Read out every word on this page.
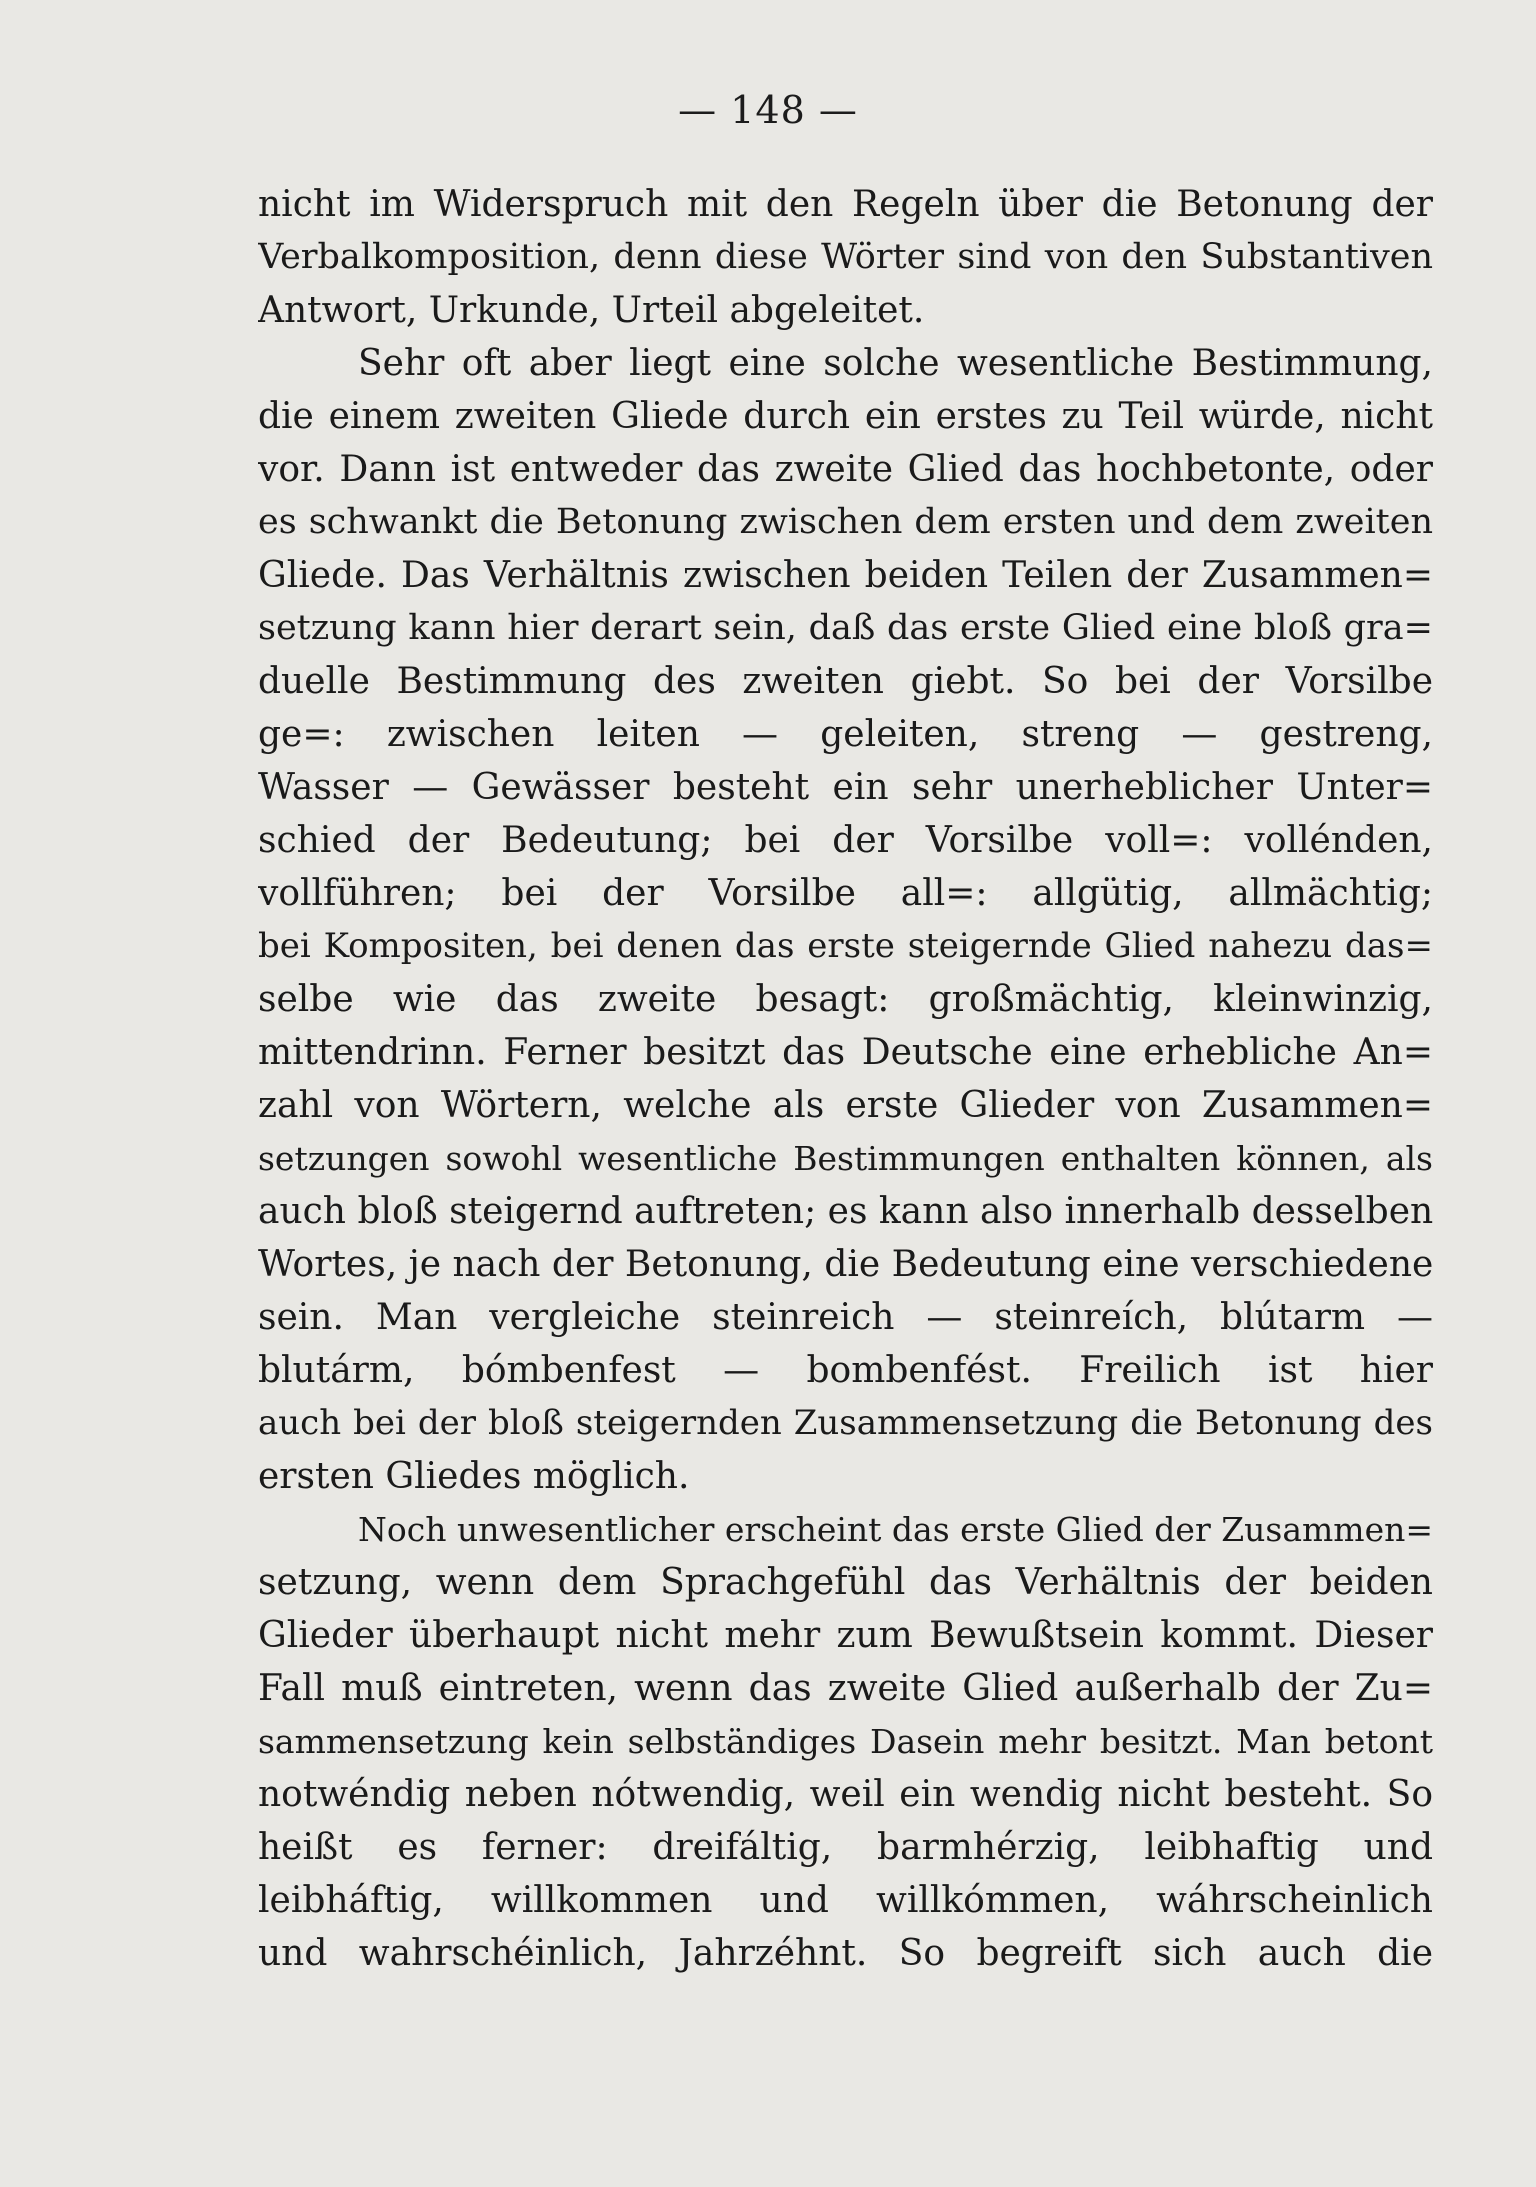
— 148 —
nicht im Widerspruch mit den Regeln über die Betonung der
Verbalkomposition, denn diese Wörter sind von den Substantiven
Antwort, Urkunde, Urteil abgeleitet.
Sehr oft aber liegt eine solche wesentliche Bestimmung,
die einem zweiten Gliede durch ein erstes zu Teil würde, nicht
vor. Dann ist entweder das zweite Glied das hochbetonte, oder
es schwankt die Betonung zwischen dem ersten und dem zweiten
Gliede. Das Verhältnis zwischen beiden Teilen der Zusammen=
setzung kann hier derart sein, daß das erste Glied eine bloß gra=
duelle Bestimmung des zweiten giebt. So bei der Vorsilbe
ge=: zwischen leiten — geleiten, streng — gestreng,
Wasser — Gewässer besteht ein sehr unerheblicher Unter=
schied der Bedeutung; bei der Vorsilbe voll=: vollénden,
vollführen; bei der Vorsilbe all=: allgütig, allmächtig;
bei Kompositen, bei denen das erste steigernde Glied nahezu das=
selbe wie das zweite besagt: großmächtig, kleinwinzig,
mittendrinn. Ferner besitzt das Deutsche eine erhebliche An=
zahl von Wörtern, welche als erste Glieder von Zusammen=
setzungen sowohl wesentliche Bestimmungen enthalten können, als
auch bloß steigernd auftreten; es kann also innerhalb desselben
Wortes, je nach der Betonung, die Bedeutung eine verschiedene
sein. Man vergleiche steinreich — steinreích, blútarm —
blutárm, bómbenfest — bombenfést. Freilich ist hier
auch bei der bloß steigernden Zusammensetzung die Betonung des
ersten Gliedes möglich.
Noch unwesentlicher erscheint das erste Glied der Zusammen=
setzung, wenn dem Sprachgefühl das Verhältnis der beiden
Glieder überhaupt nicht mehr zum Bewußtsein kommt. Dieser
Fall muß eintreten, wenn das zweite Glied außerhalb der Zu=
sammensetzung kein selbständiges Dasein mehr besitzt. Man betont
notwéndig neben nótwendig, weil ein wendig nicht besteht. So
heißt es ferner: dreifáltig, barmhérzig, leibhaftig und
leibháftig, willkommen und willkómmen, wáhrscheinlich
und wahrschéinlich, Jahrzéhnt. So begreift sich auch die
